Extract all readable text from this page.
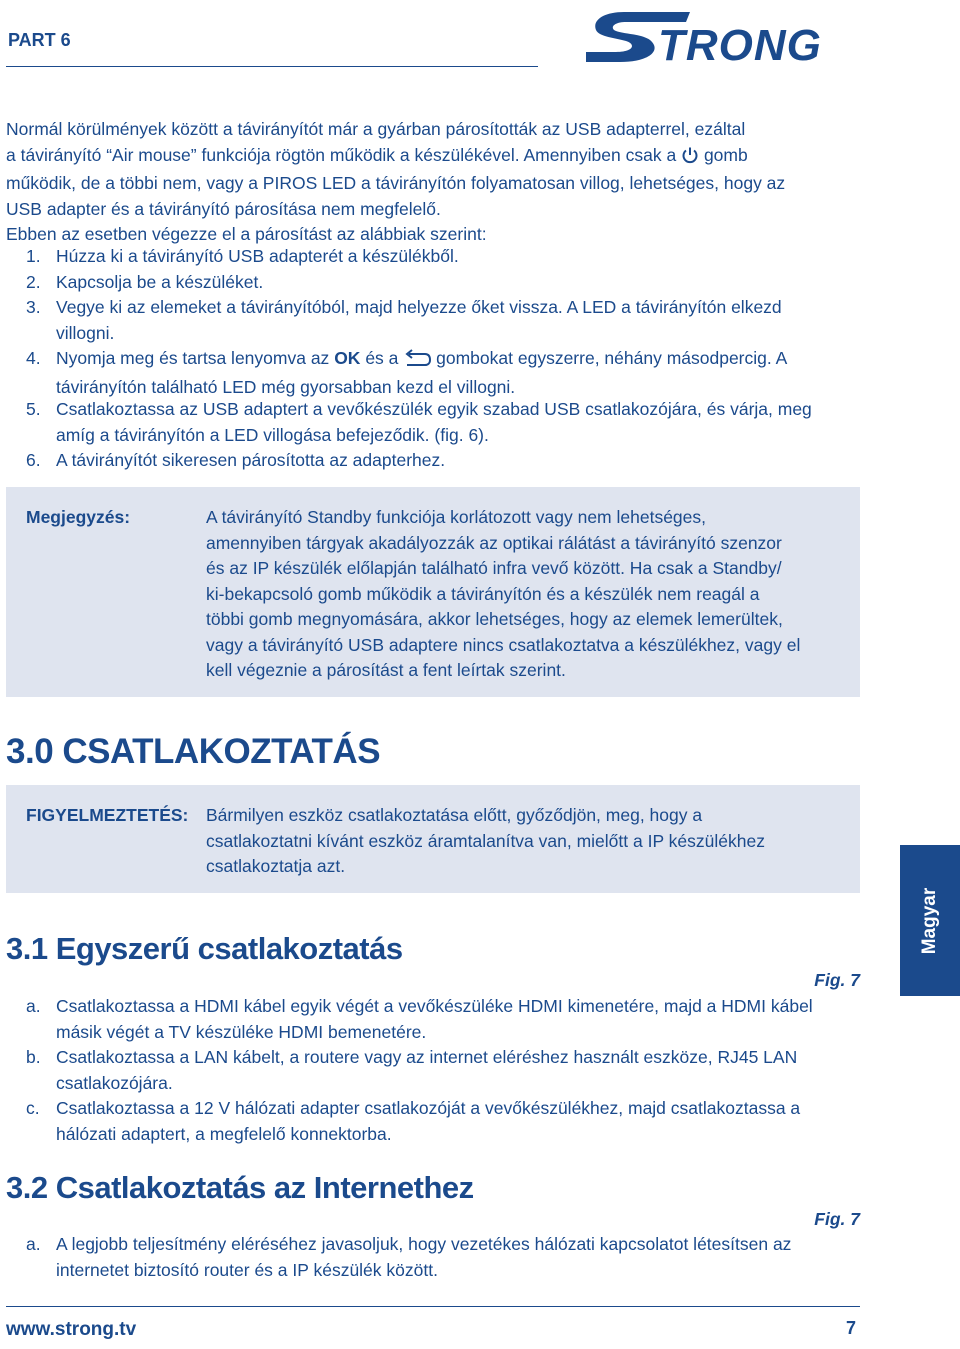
PART 6	TRONG
Normál körülmények között a távirányítót már a gyárban párosították az USB adapterrel, ezáltal
a távirányító “Air mouse” funkciója rögtön működik a készülékével. Amennyiben csak a gomb
működik, de a többi nem, vagy a PIROS LED a távirányítón folyamatosan villog, lehetséges, hogy az
USB adapter és a távirányító párosítása nem megfelelő.
Ebben az esetben végezze el a párosítást az alábbiak szerint:
1. Húzza ki a távirányító USB adapterét a készülékből.
2. Kapcsolja be a készüléket.
3. Vegye ki az elemeket a távirányítóból, majd helyezze őket vissza. A LED a távirányítón elkezd
villogni.
4. Nyomja meg és tartsa lenyomva az OK és a gombokat egyszerre, néhány másodpercig. A
távirányítón található LED még gyorsabban kezd el villogni.
5. Csatlakoztassa az USB adaptert a vevőkészülék egyik szabad USB csatlakozójára, és várja, meg
amíg a távirányítón a LED villogása befejeződik. (fig. 6).
6. A távirányítót sikeresen párosította az adapterhez.
Megjegyzés:	A távirányító Standby funkciója korlátozott vagy nem lehetséges,
amennyiben tárgyak akadályozzák az optikai rálátást a távirányító szenzor
és az IP készülék előlapján található infra vevő között. Ha csak a Standby/
ki-bekapcsoló gomb működik a távirányítón és a készülék nem reagál a
többi gomb megnyomására, akkor lehetséges, hogy az elemek lemerültek,
vagy a távirányító USB adaptere nincs csatlakoztatva a készülékhez, vagy el
kell végeznie a párosítást a fent leírtak szerint.
3.0 CSATLAKOZTATÁS
FIGYELMEZTETÉS: Bármilyen eszköz csatlakoztatása előtt, győződjön, meg, hogy a
csatlakoztatni kívánt eszköz áramtalanítva van, mielőtt a IP készülékhez
csatlakoztatja azt.
3.1 Egyszerű csatlakoztatás
Fig. 7
a. Csatlakoztassa a HDMI kábel egyik végét a vevőkészüléke HDMI kimenetére, majd a HDMI kábel
másik végét a TV készüléke HDMI bemenetére.
b. Csatlakoztassa a LAN kábelt, a routere vagy az internet eléréshez használt eszköze, RJ45 LAN
csatlakozójára.
c. Csatlakoztassa a 12 V hálózati adapter csatlakozóját a vevőkészülékhez, majd csatlakoztassa a
hálózati adaptert, a megfelelő konnektorba.
3.2 Csatlakoztatás az Internethez
Fig. 7
a. A legjobb teljesítmény eléréséhez javasoljuk, hogy vezetékes hálózati kapcsolatot létesítsen az
internetet biztosító router és a IP készülék között.
Magyar
www.strong.tv	7
